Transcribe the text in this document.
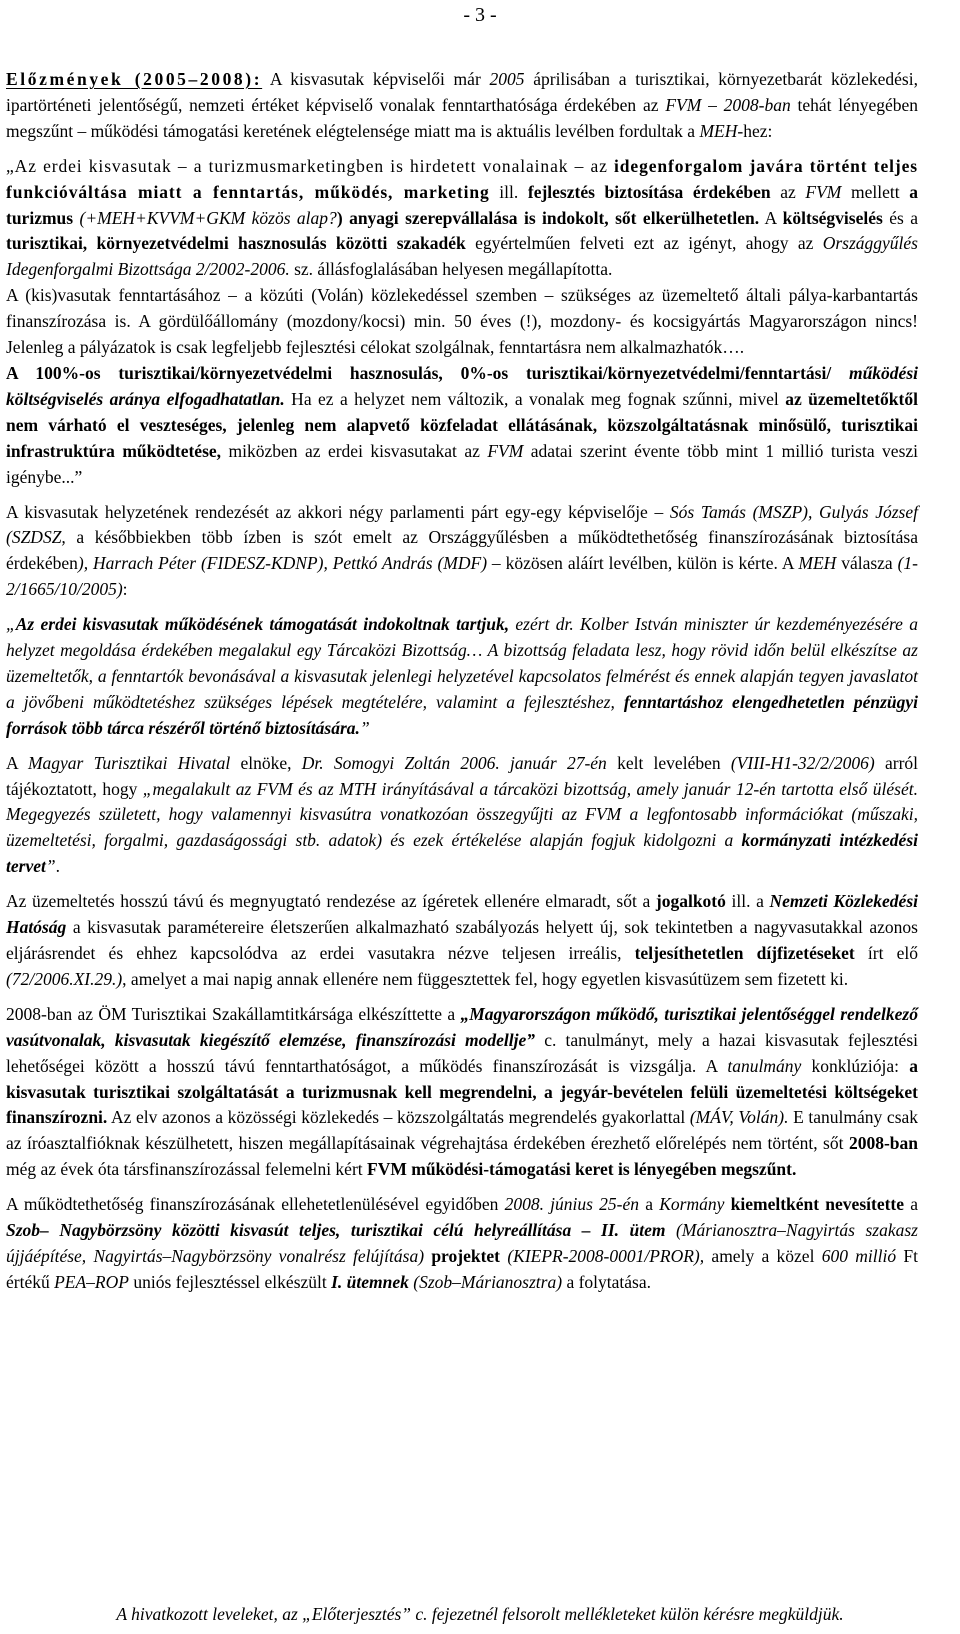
- 3 -

Előzmények (2005–2008): A kisvasutak képviselői már 2005 áprilisában a turisztikai, környezetbarát közlekedési, ipartörténeti jelentőségű, nemzeti értéket képviselő vonalak fenntarthatósága érdekében az FVM – 2008-ban tehát lényegében megszűnt – működési támogatási keretének elégtelensége miatt ma is aktuális levélben fordultak a MEH-hez:

„Az erdei kisvasutak – a turizmusmarketingben is hirdetett vonalainak – az idegenforgalom javára történt teljes funkcióváltása miatt a fenntartás, működés, marketing ill. fejlesztés biztosítása érdekében az FVM mellett a turizmus (+MEH+KVVM+GKM közös alap?) anyagi szerepvállalása is indokolt, sőt elkerülhetetlen. A költségviselés és a turisztikai, környezetvédelmi hasznosulás közötti szakadék egyértelműen felveti ezt az igényt, ahogy az Országgyűlés Idegenforgalmi Bizottsága 2/2002-2006. sz. állásfoglalásában helyesen megállapította.

A (kis)vasutak fenntartásához – a közúti (Volán) közlekedéssel szemben – szükséges az üzemeltető általi pálya-karbantartás finanszírozása is. A gördülőállomány (mozdony/kocsi) min. 50 éves (!), mozdony- és kocsigyártás Magyarországon nincs! Jelenleg a pályázatok is csak legfeljebb fejlesztési célokat szolgálnak, fenntartásra nem alkalmazhatók….

A 100%-os turisztikai/környezetvédelmi hasznosulás, 0%-os turisztikai/környezetvédelmi/fenntartási/ működési költségviselés aránya elfogadhatatlan. Ha ez a helyzet nem változik, a vonalak meg fognak szűnni, mivel az üzemeltetőktől nem várható el veszteséges, jelenleg nem alapvető közfeladat ellátásának, közszolgáltatásnak minősülő, turisztikai infrastruktúra működtetése, miközben az erdei kisvasutakat az FVM adatai szerint évente több mint 1 millió turista veszi igénybe...”

A kisvasutak helyzetének rendezését az akkori négy parlamenti párt egy-egy képviselője – Sós Tamás (MSZP), Gulyás József (SZDSZ, a későbbiekben több ízben is szót emelt az Országgyűlésben a működtethetőség finanszírozásának biztosítása érdekében), Harrach Péter (FIDESZ-KDNP), Pettkó András (MDF) – közösen aláírt levélben, külön is kérte. A MEH válasza (1-2/1665/10/2005):

„Az erdei kisvasutak működésének támogatását indokoltnak tartjuk, ezért dr. Kolber István miniszter úr kezdeményezésére a helyzet megoldása érdekében megalakul egy Tárcaközi Bizottság… A bizottság feladata lesz, hogy rövid időn belül elkészítse az üzemeltetők, a fenntartók bevonásával a kisvasutak jelenlegi helyzetével kapcsolatos felmérést és ennek alapján tegyen javaslatot a jövőbeni működtetéshez szükséges lépések megtételére, valamint a fejlesztéshez, fenntartáshoz elengedhetetlen pénzügyi források több tárca részéről történő biztosítására.”

A Magyar Turisztikai Hivatal elnöke, Dr. Somogyi Zoltán 2006. január 27-én kelt levelében (VIII-H1-32/2/2006) arról tájékoztatott, hogy „megalakult az FVM és az MTH irányításával a tárcaközi bizottság, amely január 12-én tartotta első ülését. Megegyezés született, hogy valamennyi kisvasútra vonatkozóan összegyűjti az FVM a legfontosabb információkat (műszaki, üzemeltetési, forgalmi, gazdaságossági stb. adatok) és ezek értékelése alapján fogjuk kidolgozni a kormányzati intézkedési tervet”.

Az üzemeltetés hosszú távú és megnyugtató rendezése az ígéretek ellenére elmaradt, sőt a jogalkotó ill. a Nemzeti Közlekedési Hatóság a kisvasutak paramétereire életszerűen alkalmazható szabályozás helyett új, sok tekintetben a nagyvasutakkal azonos eljárásrendet és ehhez kapcsolódva az erdei vasutakra nézve teljesen irreális, teljesíthetetlen díjfizetéseket írt elő (72/2006.XI.29.), amelyet a mai napig annak ellenére nem függesztettek fel, hogy egyetlen kisvasútüzem sem fizetett ki.

2008-ban az ÖM Turisztikai Szakállamtitkársága elkészíttette a „Magyarországon működő, turisztikai jelentőséggel rendelkező vasútvonalak, kisvasutak kiegészítő elemzése, finanszírozási modellje” c. tanulmányt, mely a hazai kisvasutak fejlesztési lehetőségei között a hosszú távú fenntarthatóságot, a működés finanszírozását is vizsgálja. A tanulmány konklúziója: a kisvasutak turisztikai szolgáltatását a turizmusnak kell megrendelni, a jegyár-bevételen felüli üzemeltetési költségeket finanszírozni. Az elv azonos a közösségi közlekedés – közszolgáltatás megrendelés gyakorlattal (MÁV, Volán). E tanulmány csak az íróasztalfióknak készülhetett, hiszen megállapításainak végrehajtása érdekében érezhető előrelépés nem történt, sőt 2008-ban még az évek óta társfinanszírozással felemelni kért FVM működési-támogatási keret is lényegében megszűnt.

A működtethetőség finanszírozásának ellehetetlenülésével egyidőben 2008. június 25-én a Kormány kiemeltként nevesítette a Szob– Nagybörzsöny közötti kisvasút teljes, turisztikai célú helyreállítása – II. ütem (Márianosztra–Nagyirtás szakasz újjáépítése, Nagyirtás–Nagybörzsöny vonalrész felújítása) projektet (KIEPR-2008-0001/PROR), amely a közel 600 millió Ft értékű PEA–ROP uniós fejlesztéssel elkészült I. ütemnek (Szob–Márianosztra) a folytatása.

A hivatkozott leveleket, az „Előterjesztés” c. fejezetnél felsorolt mellékleteket külön kérésre megküldjük.
